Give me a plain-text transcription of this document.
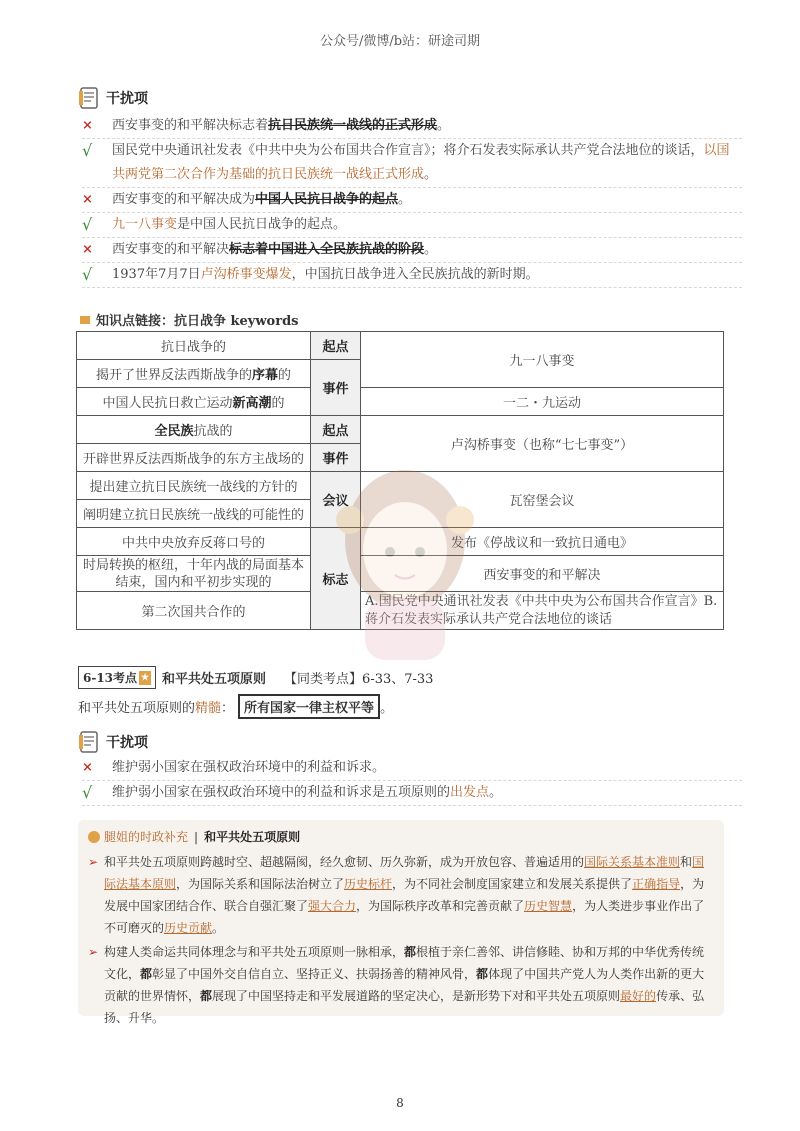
公众号/微博/b站：研途司期
干扰项
×	西安事变的和平解决标志着抗日民族统一战线的正式形成。
√	国民党中央通讯社发表《中共中央为公布国共合作宣言》；将介石发表实际承认共产党合法地位的谈话，以国共两党第二次合作为基础的抗日民族统一战线正式形成。
×	西安事变的和平解决成为中国人民抗日战争的起点。
√	九一八事变是中国人民抗日战争的起点。
×	西安事变的和平解决标志着中国进入全民族抗战的阶段。
√	1937年7月7日卢沟桥事变爆发，中国抗日战争进入全民族抗战的新时期。
知识点链接：抗日战争 keywords
抗日战争的	起点	九一八事变
揭开了世界反法西斯战争的序幕的	事件	
中国人民抗日救亡运动新高潮的		一二・九运动
全民族抗战的	起点	卢沟桥事变（也称“七七事变”）
开辟世界反法西斯战争的东方主战场的	事件	
提出建立抗日民族统一战线的方针的	会议	瓦窑堡会议
阐明建立抗日民族统一战线的可能性的		
中共中央放弃反蒋口号的	标志	发布《停战议和一致抗日通电》
时局转换的枢纽，十年内战的局面基本结束，国内和平初步实现的		西安事变的和平解决
第二次国共合作的		A.国民党中央通讯社发表《中共中央为公布国共合作宣言》B.蒋介石发表实际承认共产党合法地位的谈话
6-13考点 ★ 和平共处五项原则 【同类考点】6-33、7-33
和平共处五项原则的 精髓 ： 所有国家一律主权平等 。
干扰项
×	维护弱小国家在强权政治环境中的利益和诉求。
√	维护弱小国家在强权政治环境中的利益和诉求是五项原则的出发点。
腿姐的时政补充 | 和平共处五项原则
➢ 和平共处五项原则跨越时空、超越隔阂，经久愈韧、历久弥新，成为开放包容、普遍适用的国际关系基本准则和国际法基本原则，为国际关系和国际法治树立了历史标杆，为不同社会制度国家建立和发展关系提供了正确指导，为发展中国家团结合作、联合自强汇聚了强大合力，为国际秩序改革和完善贡献了历史智慧，为人类进步事业作出了不可磨灭的历史贡献。
➢ 构建人类命运共同体理念与和平共处五项原则一脉相承，都根植于亲仁善邻、讲信修睦、协和万邦的中华优秀传统文化，都彰显了中国外交自信自立、坚持正义、扶弱扬善的精神风骨，都体现了中国共产党人为人类作出新的更大贡献的世界情怀，都展现了中国坚持走和平发展道路的坚定决心，是新形势下对和平共处五项原则最好的传承、弘扬、升华。
8
